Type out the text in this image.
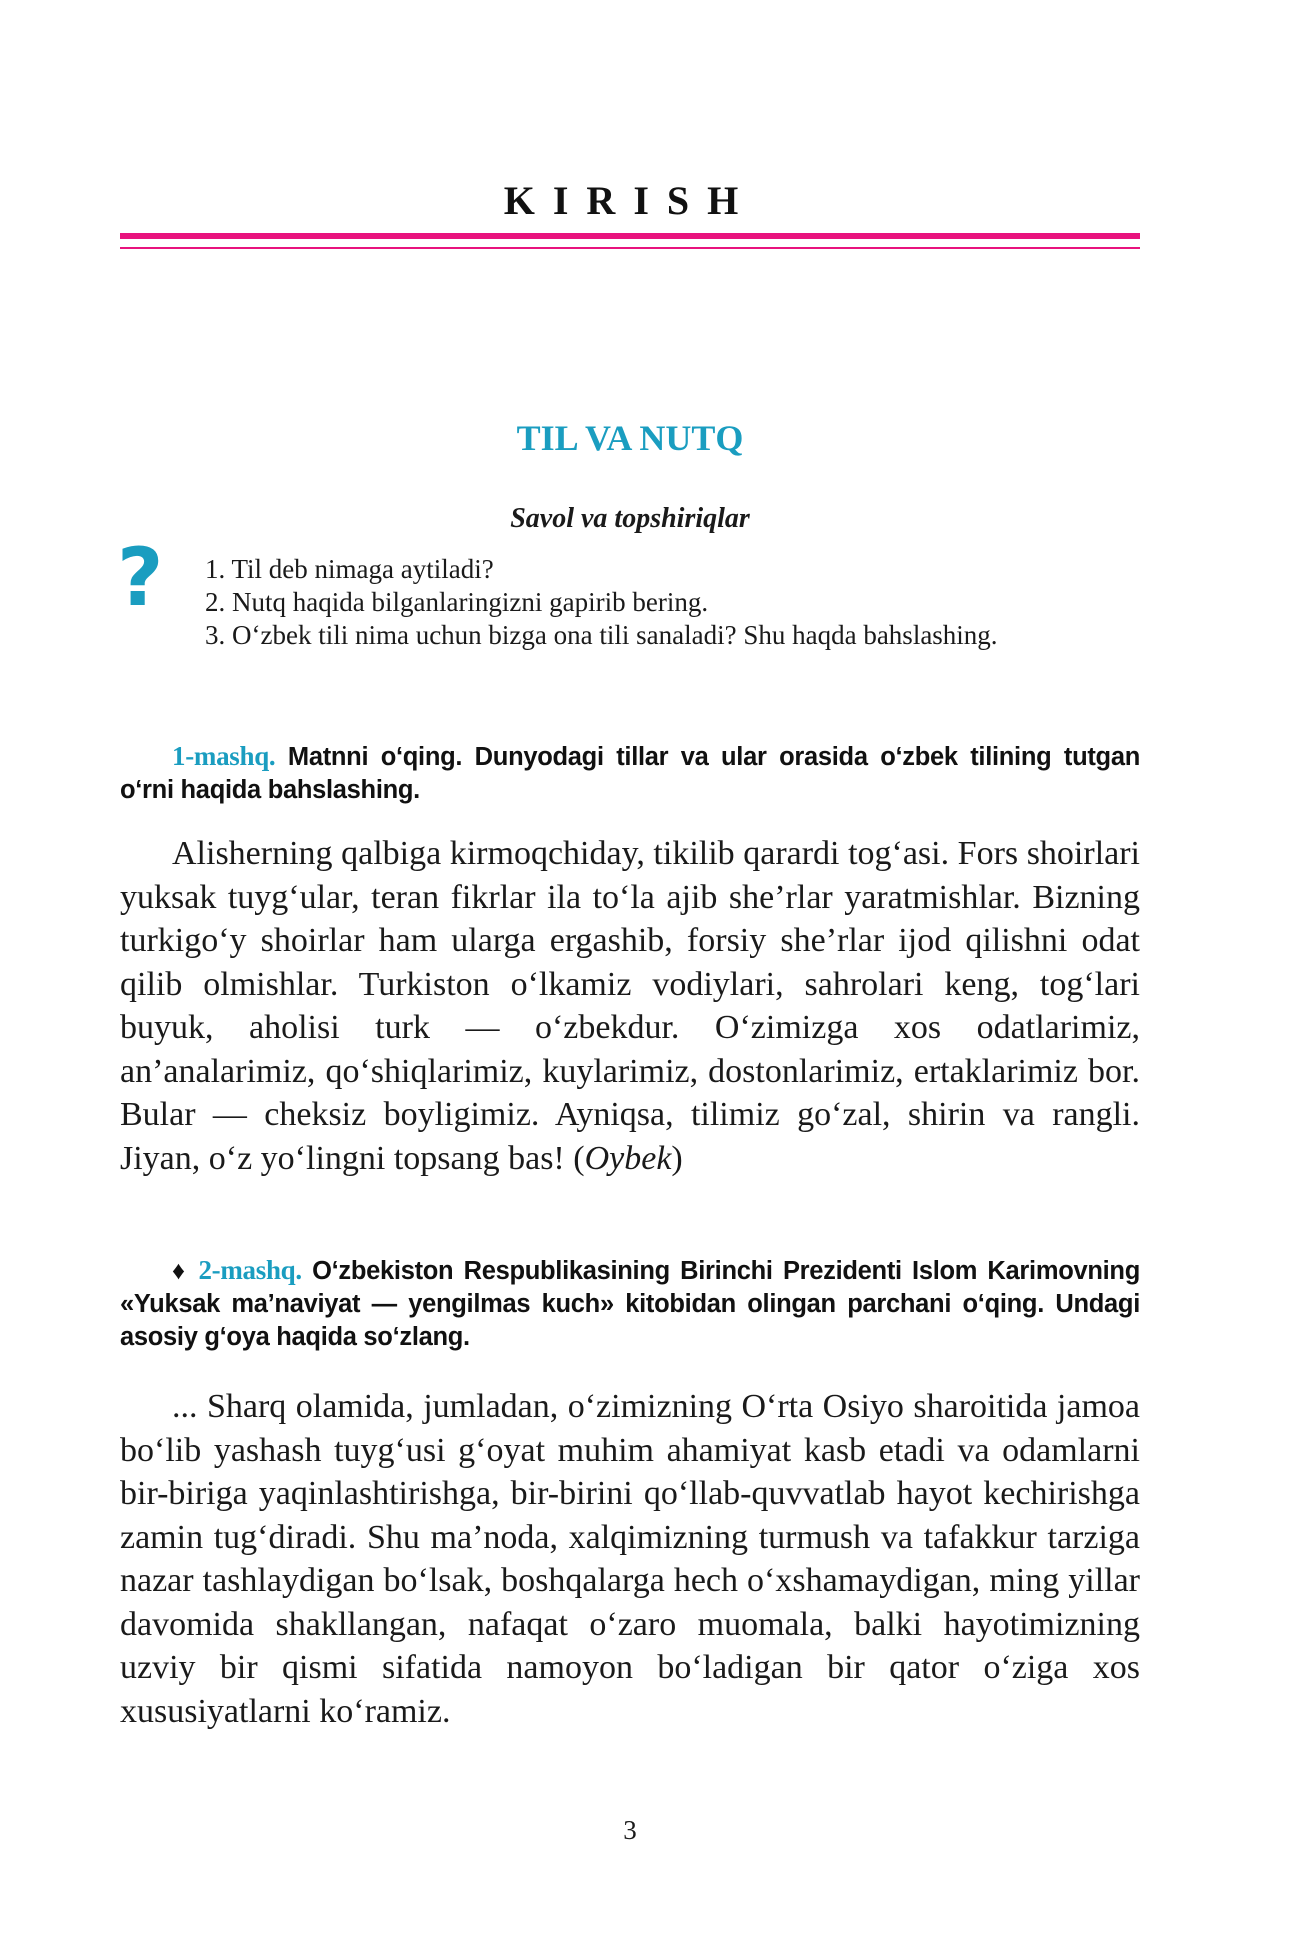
KIRISH
TIL VA NUTQ

Savol va topshiriqlar

? 1. Til deb nimaga aytiladi?
2. Nutq haqida bilganlaringizni gapirib bering.
3. O‘zbek tili nima uchun bizga ona tili sanaladi? Shu haqda bahslashing.

1-mashq. Matnni o‘qing. Dunyodagi tillar va ular orasida o‘zbek tilining tutgan o‘rni haqida bahslashing.

Alisherning qalbiga kirmoqchiday, tikilib qarardi tog‘asi. Fors shoirlari yuksak tuyg‘ular, teran fikrlar ila to‘la ajib she’rlar yaratmishlar. Bizning turkigo‘y shoirlar ham ularga ergashib, forsiy she’rlar ijod qilishni odat qilib olmishlar. Turkiston o‘lkamiz vodiylari, sahrolari keng, tog‘lari buyuk, aholisi turk — o‘zbekdur. O‘zimizga xos odatlarimiz, an’analarimiz, qo‘shiqlarimiz, kuylarimiz, dostonlarimiz, ertaklarimiz bor. Bular — cheksiz boyligimiz. Ayniqsa, tilimiz go‘zal, shirin va rangli. Jiyan, o‘z yo‘lingni topsang bas! (Oybek)

♦ 2-mashq. O‘zbekiston Respublikasining Birinchi Prezidenti Islom Karimovning «Yuksak ma’naviyat — yengilmas kuch» kitobidan olingan parchani o‘qing. Undagi asosiy g‘oya haqida so‘zlang.

... Sharq olamida, jumladan, o‘zimizning O‘rta Osiyo sharoitida jamoa bo‘lib yashash tuyg‘usi g‘oyat muhim ahamiyat kasb etadi va odamlarni bir-biriga yaqinlashtirishga, bir-birini qo‘llab-quvvatlab hayot kechirishga zamin tug‘diradi. Shu ma’noda, xalqimizning turmush va tafakkur tarziga nazar tashlaydigan bo‘lsak, boshqalarga hech o‘xshamaydigan, ming yillar davomida shakllangan, nafaqat o‘zaro muomala, balki hayotimizning uzviy bir qismi sifatida namoyon bo‘ladigan bir qator o‘ziga xos xususiyatlarni ko‘ramiz.

3
